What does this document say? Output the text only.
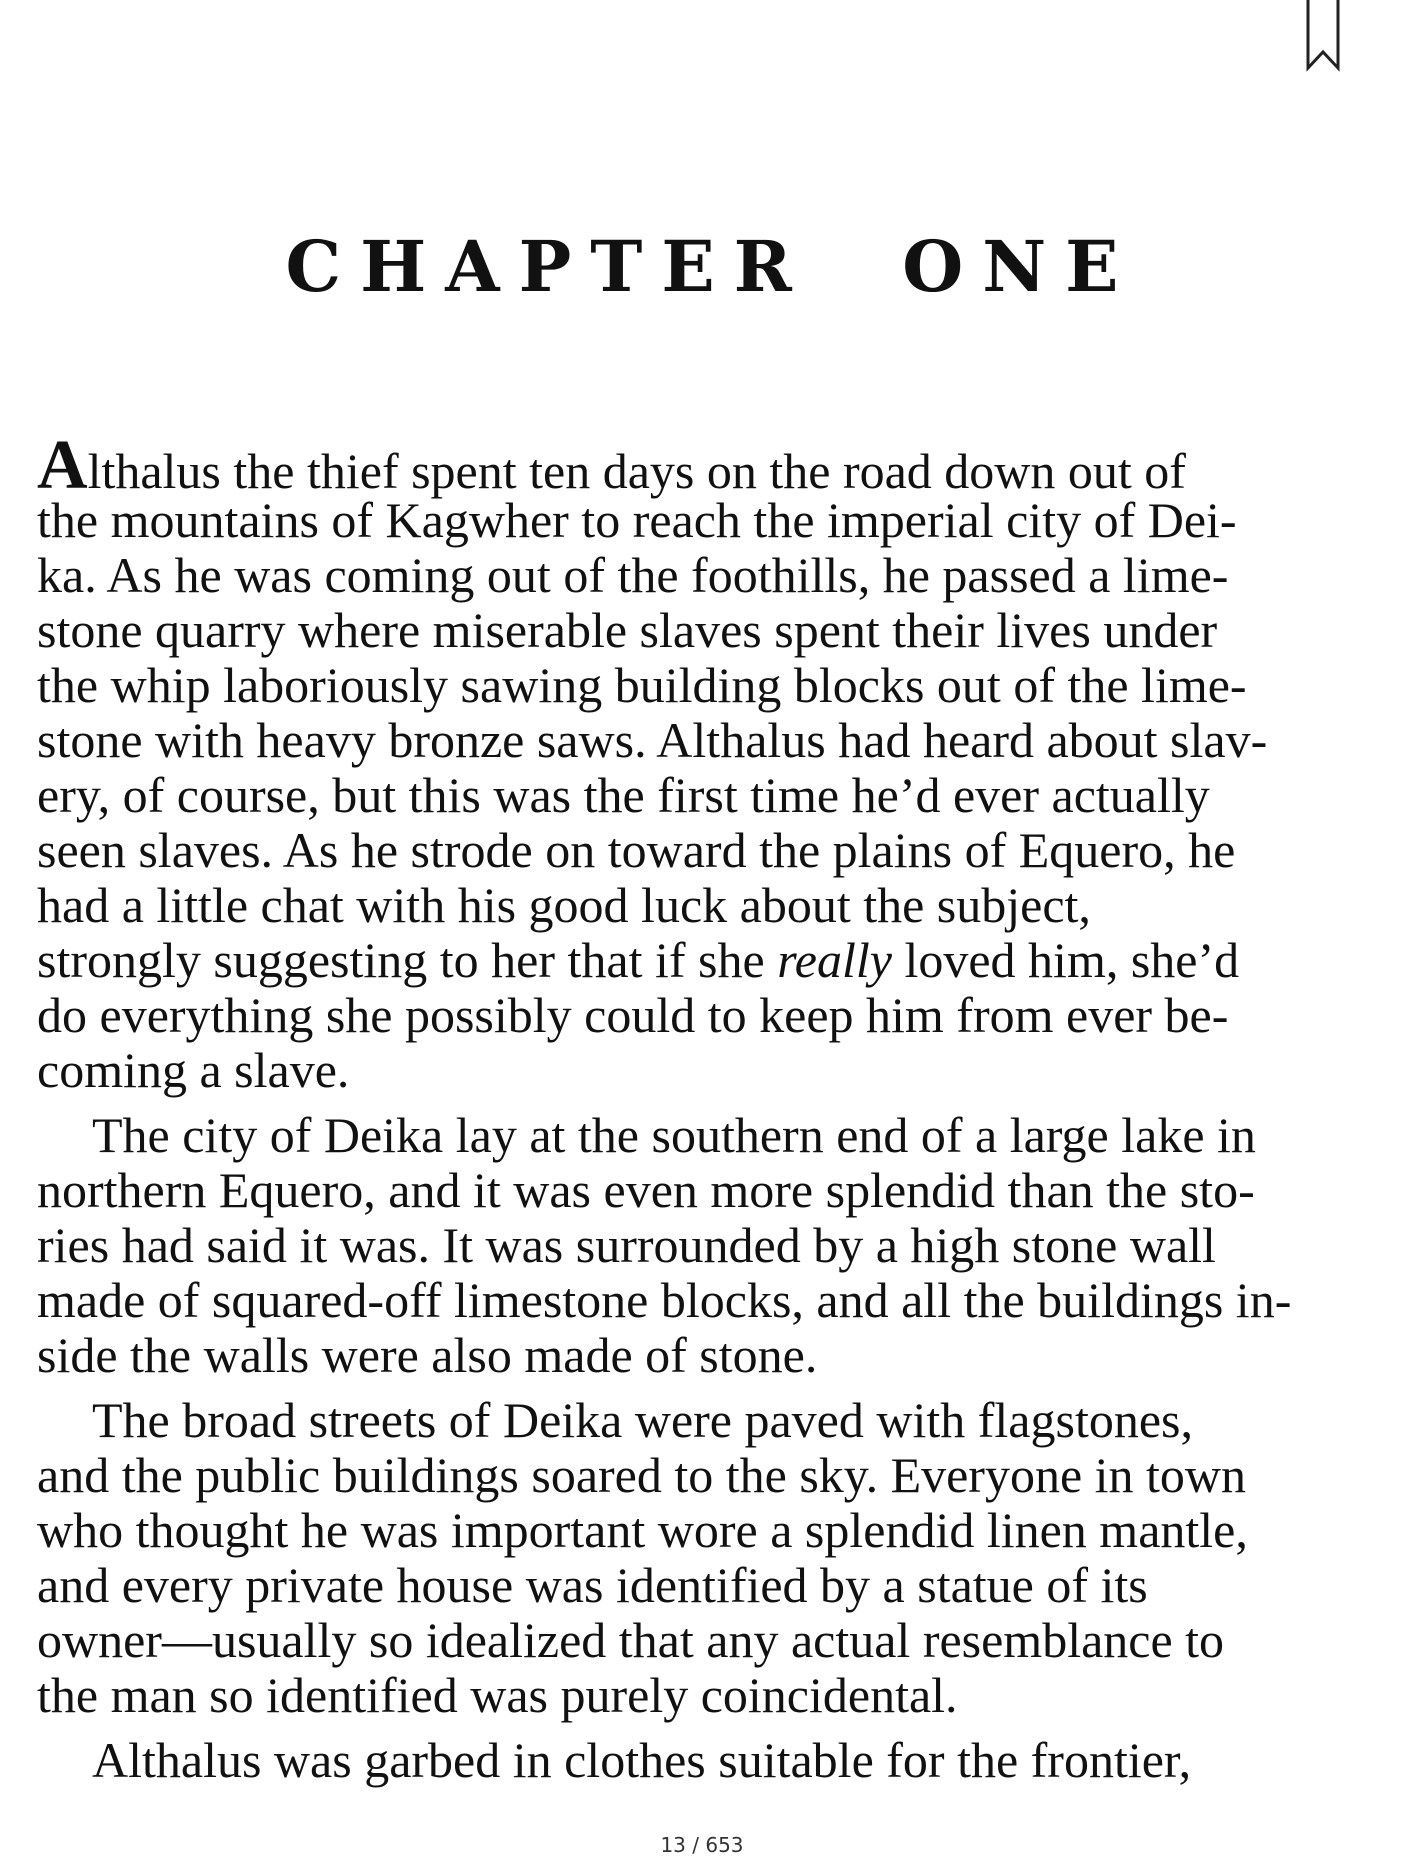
CHAPTER ONE

Althalus the thief spent ten days on the road down out of
the mountains of Kagwher to reach the imperial city of Dei-
ka. As he was coming out of the foothills, he passed a lime-
stone quarry where miserable slaves spent their lives under
the whip laboriously sawing building blocks out of the lime-
stone with heavy bronze saws. Althalus had heard about slav-
ery, of course, but this was the first time he’d ever actually
seen slaves. As he strode on toward the plains of Equero, he
had a little chat with his good luck about the subject,
strongly suggesting to her that if she really loved him, she’d
do everything she possibly could to keep him from ever be-
coming a slave.

The city of Deika lay at the southern end of a large lake in
northern Equero, and it was even more splendid than the sto-
ries had said it was. It was surrounded by a high stone wall
made of squared-off limestone blocks, and all the buildings in-
side the walls were also made of stone.

The broad streets of Deika were paved with flagstones,
and the public buildings soared to the sky. Everyone in town
who thought he was important wore a splendid linen mantle,
and every private house was identified by a statue of its
owner—usually so idealized that any actual resemblance to
the man so identified was purely coincidental.

Althalus was garbed in clothes suitable for the frontier,

13 / 653
